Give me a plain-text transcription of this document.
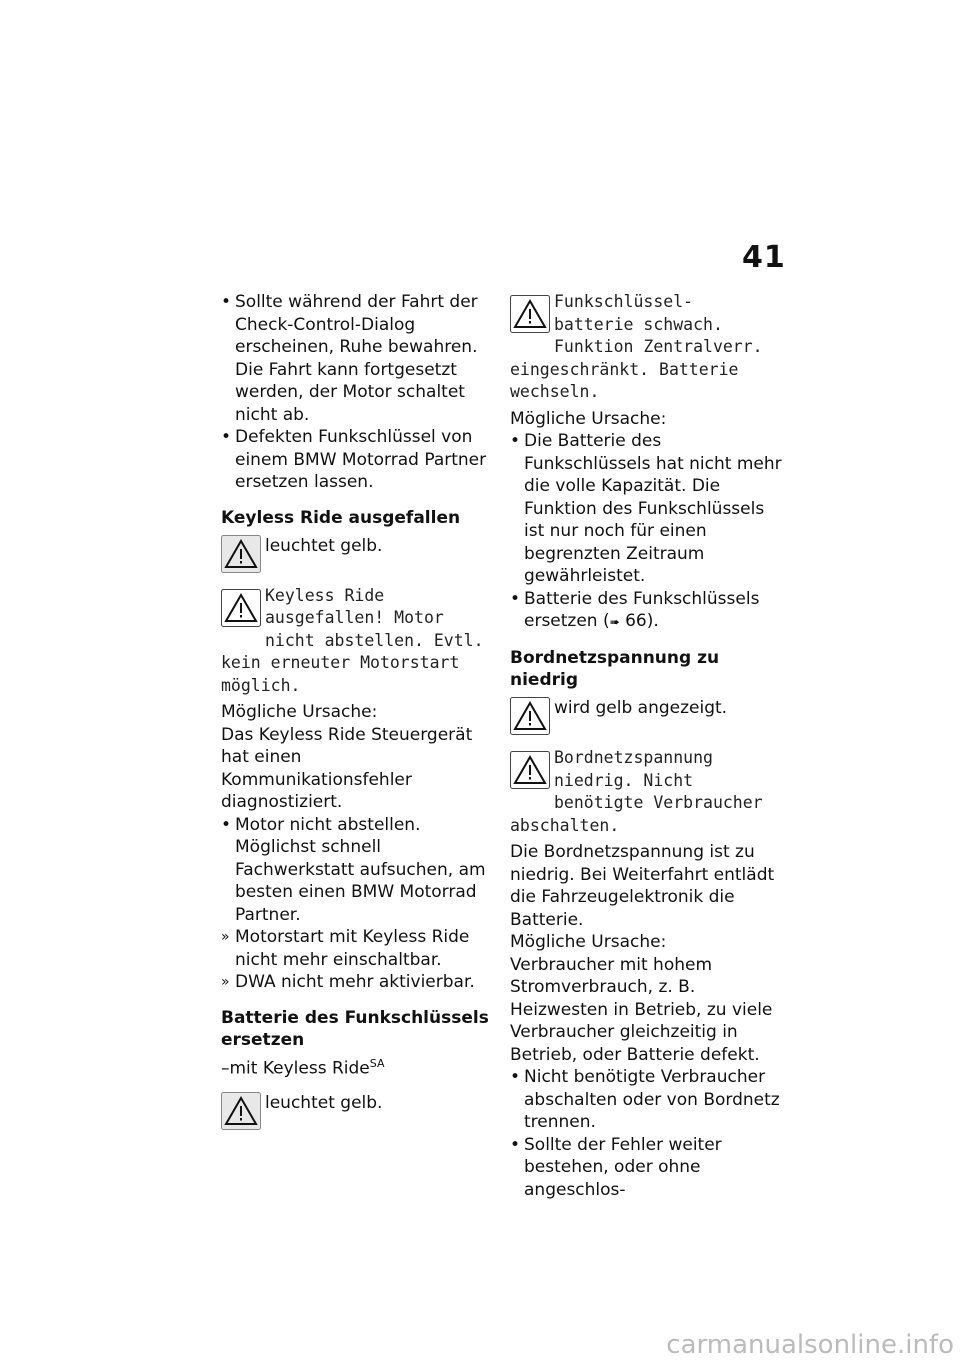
41
• Sollte während der Fahrt der Check-Control-Dialog erscheinen, Ruhe bewahren. Die Fahrt kann fortgesetzt werden, der Motor schaltet nicht ab.
• Defekten Funkschlüssel von einem BMW Motorrad Partner ersetzen lassen.
Keyless Ride ausgefallen
leuchtet gelb.
Keyless Ride ausgefallen! Motor nicht abstellen. Evtl. kein erneuter Motorstart möglich.

Mögliche Ursache:

Das Keyless Ride Steuergerät hat einen Kommunikationsfehler diagnostiziert.

• Motor nicht abstellen. Möglichst schnell Fachwerkstatt aufsuchen, am besten einen BMW Motorrad Partner.
» Motorstart mit Keyless Ride nicht mehr einschaltbar.
» DWA nicht mehr aktivierbar.
Batterie des Funkschlüssels ersetzen

–mit Keyless Ride$^{SA}$

leuchtet gelb.
Funkschlüssel- batterie schwach. Funktion Zentralverr. eingeschränkt. Batterie wechseln.

Mögliche Ursache:

• Die Batterie des Funkschlüssels hat nicht mehr die volle Kapazität. Die Funktion des Funkschlüssels ist nur noch für einen begrenzten Zeitraum gewährleistet.
• Batterie des Funkschlüssels ersetzen (➠ 66).
Bordnetzspannung zu niedrig
wird gelb angezeigt.
Bordnetzspannung niedrig. Nicht benötigte Verbraucher abschalten.

Die Bordnetzspannung ist zu niedrig. Bei Weiterfahrt entlädt die Fahrzeugelektronik die Batterie.

Mögliche Ursache:

Verbraucher mit hohem Stromverbrauch, z. B. Heizwesten in Betrieb, zu viele Verbraucher gleichzeitig in Betrieb, oder Batterie defekt.

• Nicht benötigte Verbraucher abschalten oder von Bordnetz trennen.
• Sollte der Fehler weiter bestehen, oder ohne angeschlos-
carmanualsonline.info
